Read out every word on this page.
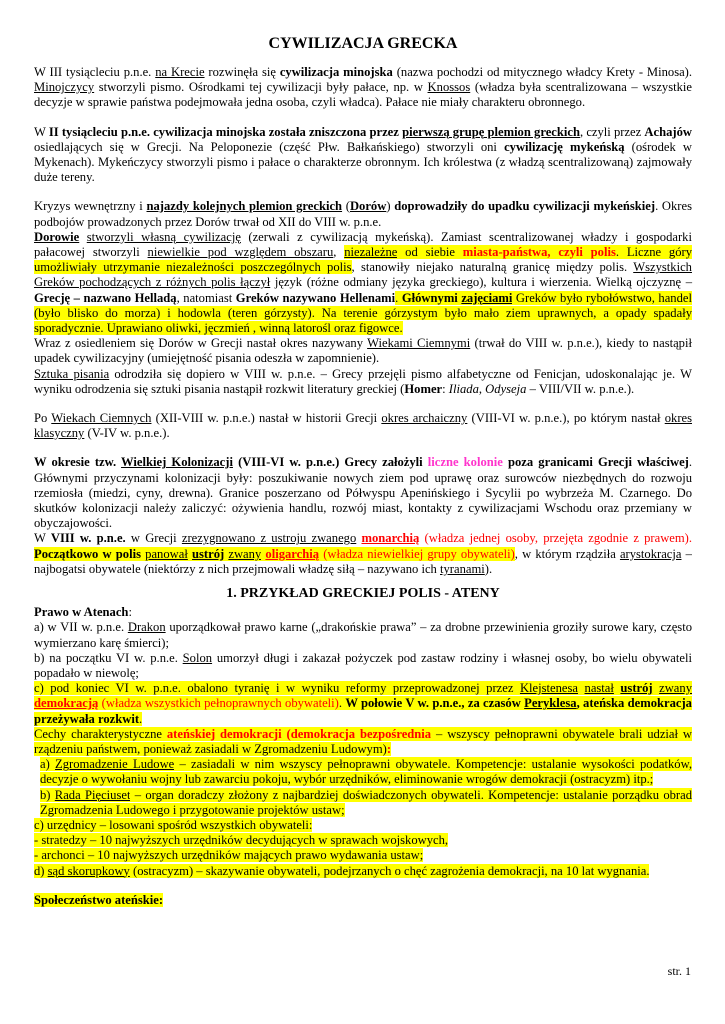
CYWILIZACJA GRECKA

W III tysiącleciu p.n.e. na Krecie rozwinęła się cywilizacja minojska (nazwa pochodzi od mitycznego władcy Krety - Minosa). Minojczycy stworzyli pismo. Ośrodkami tej cywilizacji były pałace, np. w Knossos (władza była scentralizowana – wszystkie decyzje w sprawie państwa podejmowała jedna osoba, czyli władca). Pałace nie miały charakteru obronnego.

W II tysiącleciu p.n.e. cywilizacja minojska została zniszczona przez pierwszą grupę plemion greckich, czyli przez Achajów osiedlających się w Grecji. Na Peloponezie (część Płw. Bałkańskiego) stworzyli oni cywilizację mykeńską (ośrodek w Mykenach). Mykeńczycy stworzyli pismo i pałace o charakterze obronnym. Ich królestwa (z władzą scentralizowaną) zajmowały duże tereny.

Kryzys wewnętrzny i najazdy kolejnych plemion greckich (Dorów) doprowadziły do upadku cywilizacji mykeńskiej. Okres podbojów prowadzonych przez Dorów trwał od XII do VIII w. p.n.e.

Dorowie stworzyli własną cywilizację (zerwali z cywilizacją mykeńską). Zamiast scentralizowanej władzy i gospodarki pałacowej stworzyli niewielkie pod względem obszaru, niezależne od siebie miasta-państwa, czyli polis. Liczne góry umożliwiały utrzymanie niezależności poszczególnych polis, stanowiły niejako naturalną granicę między polis. Wszystkich Greków pochodzących z różnych polis łączył język (różne odmiany języka greckiego), kultura i wierzenia. Wielką ojczyznę – Grecję – nazwano Helladą, natomiast Greków nazywano Hellenami. Głównymi zajęciami Greków było rybołówstwo, handel (było blisko do morza) i hodowla (teren górzysty). Na terenie górzystym było mało ziem uprawnych, a opady spadały sporadycznie. Uprawiano oliwki, jęczmień , winną latorośl oraz figowce.

Wraz z osiedleniem się Dorów w Grecji nastał okres nazywany Wiekami Ciemnymi (trwał do VIII w. p.n.e.), kiedy to nastąpił upadek cywilizacyjny (umiejętność pisania odeszła w zapomnienie).

Sztuka pisania odrodziła się dopiero w VIII w. p.n.e. – Grecy przejęli pismo alfabetyczne od Fenicjan, udoskonalając je. W wyniku odrodzenia się sztuki pisania nastąpił rozkwit literatury greckiej (Homer: Iliada, Odyseja – VIII/VII w. p.n.e.).

Po Wiekach Ciemnych (XII-VIII w. p.n.e.) nastał w historii Grecji okres archaiczny (VIII-VI w. p.n.e.), po którym nastał okres klasyczny (V-IV w. p.n.e.).

W okresie tzw. Wielkiej Kolonizacji (VIII-VI w. p.n.e.) Grecy założyli liczne kolonie poza granicami Grecji właściwej. Głównymi przyczynami kolonizacji były: poszukiwanie nowych ziem pod uprawę oraz surowców niezbędnych do rozwoju rzemiosła (miedzi, cyny, drewna). Granice poszerzano od Półwyspu Apenińskiego i Sycylii po wybrzeża M. Czarnego. Do skutków kolonizacji należy zaliczyć: ożywienia handlu, rozwój miast, kontakty z cywilizacjami Wschodu oraz przemiany w obyczajowości.

W VIII w. p.n.e. w Grecji zrezygnowano z ustroju zwanego monarchią (władza jednej osoby, przejęta zgodnie z prawem). Początkowo w polis panował ustrój zwany oligarchią (władza niewielkiej grupy obywateli), w którym rządziła arystokracja – najbogatsi obywatele (niektórzy z nich przejmowali władzę siłą – nazywano ich tyranami).

1. PRZYKŁAD GRECKIEJ POLIS - ATENY

Prawo w Atenach:

a) w VII w. p.n.e. Drakon uporządkował prawo karne („drakońskie prawa” – za drobne przewinienia groziły surowe kary, często wymierzano karę śmierci);

b) na początku VI w. p.n.e. Solon umorzył długi i zakazał pożyczek pod zastaw rodziny i własnej osoby, bo wielu obywateli popadało w niewolę;

c) pod koniec VI w. p.n.e. obalono tyranię i w wyniku reformy przeprowadzonej przez Klejstenesa nastał ustrój zwany demokracją (władza wszystkich pełnoprawnych obywateli). W połowie V w. p.n.e., za czasów Peryklesa, ateńska demokracja przeżywała rozkwit.

Cechy charakterystyczne ateńskiej demokracji (demokracja bezpośrednia – wszyscy pełnoprawni obywatele brali udział w rządzeniu państwem, ponieważ zasiadali w Zgromadzeniu Ludowym):

a) Zgromadzenie Ludowe – zasiadali w nim wszyscy pełnoprawni obywatele. Kompetencje: ustalanie wysokości podatków, decyzje o wywołaniu wojny lub zawarciu pokoju, wybór urzędników, eliminowanie wrogów demokracji (ostracyzm) itp.;

b) Rada Pięciuset – organ doradczy złożony z najbardziej doświadczonych obywateli. Kompetencje: ustalanie porządku obrad Zgromadzenia Ludowego i przygotowanie projektów ustaw;

c) urzędnicy – losowani spośród wszystkich obywateli:

- stratedzy – 10 najwyższych urzędników decydujących w sprawach wojskowych,

- archonci – 10 najwyższych urzędników mających prawo wydawania ustaw;

d) sąd skorupkowy (ostracyzm) – skazywanie obywateli, podejrzanych o chęć zagrożenia demokracji, na 10 lat wygnania.

Społeczeństwo ateńskie:

str. 1
